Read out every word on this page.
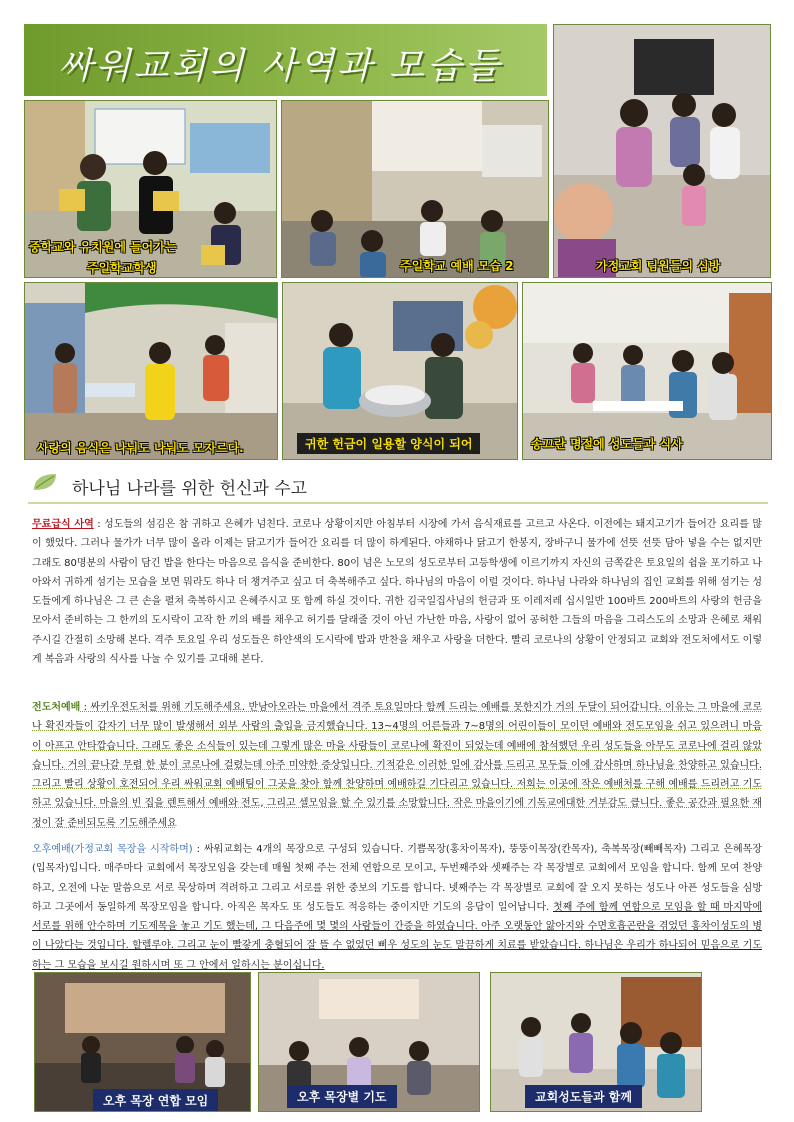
싸워교회의 사역과 모습들
중학교와 유치원에 들어가는
주일학교학생	주일학교 예배 모습 2	가정교회 팀원들의 심방
사랑의 음식은 나눠도 나눠도 모자르다.	귀한 헌금이 일용할 양식이 되어	송끄란 명절에 성도들과 식사
하나님 나라를 위한 헌신과 수고
무료급식 사역 : 성도들의 섬김은 참 귀하고 은혜가 넘친다. 코로나 상황이지만 아침부터 시장에 가서 음식재료를 고르고 사온다. 이전에는 돼지고기가 들어간 요리를 많이 했었다. 그러나 물가가 너무 많이 올라 이제는 닭고기가 들어간 요리를 더 많이 하게된다. 야채하나 닭고기 한봉지, 장바구니 물가에 선뜻 선뜻 담아 넣을 수는 없지만 그래도 80명분의 사람이 담긴 밥을 한다는 마음으로 음식을 준비한다. 80이 넘은 노모의 성도로부터 고등학생에 이르기까지 자신의 금쪽같은 토요일의 쉼을 포기하고 나아와서 귀하게 섬기는 모습을 보면 뭐라도 하나 더 챙겨주고 싶고 더 축복해주고 싶다. 하나님의 마음이 이럴 것이다. 하나님 나라와 하나님의 집인 교회를 위해 섬기는 성도들에게 하나님은 그 큰 손을 펼쳐 축복하시고 은혜주시고 또 함께 하실 것이다. 귀한 김국일집사님의 헌금과 또 이레저레 십시일반 100바트 200바트의 사랑의 헌금을 모아서 준비하는 그 한끼의 도시락이 고작 한 끼의 배를 채우고 허기를 달래줄 것이 아닌 가난한 마음, 사랑이 없어 공허한 그들의 마음을 그리스도의 소망과 은혜로 채워주시길 간절히 소망해 본다. 격주 토요일 우리 성도들은 하얀색의 도시락에 밥과 반찬을 채우고 사랑을 더한다. 빨리 코로나의 상황이 안정되고 교회와 전도처에서도 이렇게 복음과 사랑의 식사를 나눌 수 있기를 고대해 본다.
전도처예배 : 싸키우전도처를 위해 기도해주세요. 반남아오라는 마을에서 격주 토요일마다 함께 드리는 예배를 못한지가 거의 두달이 되어갑니다. 이유는 그 마을에 코로나 확진자들이 갑자기 너무 많이 발생해서 외부 사람의 출입을 금지했습니다. 13~4명의 어른들과 7~8명의 어린이들이 모이던 예배와 전도모임을 쉬고 있으려니 마음이 아프고 안타깝습니다. 그래도 좋은 소식들이 있는데 그렇게 많은 마을 사람들이 코로나에 확진이 되었는데 예배에 참석했던 우리 성도들을 아무도 코로나에 걸리 않았습니다. 거의 끝나갈 무렵 한 분이 코로나에 걸렸는데 아주 미약한 증상입니다. 기적같은 이러한 일에 감사를 드리고 모두들 이에 감사하며 하나님을 찬양하고 있습니다. 그리고 빨리 상황이 호전되어 우리 싸워교회 예배팀이 그곳을 찾아 함께 찬양하며 예배하길 기다리고 있습니다. 저희는 이곳에 작은 예배처를 구해 예배를 드리려고 기도하고 있습니다. 마을의 빈 집을 렌트해서 예배와 전도, 그리고 셀모임을 할 수 있기를 소망합니다. 작은 마을이기에 기독교에대한 거부감도 큽니다. 좋은 공간과 필요한 재정이 잘 준비되도록 기도해주세요
오후예배(가정교회 목장을 시작하며) : 싸워교회는 4개의 목장으로 구성되 있습니다. 기쁨목장(홍차이목자), 뚱뚱이목장(칸목자), 축복목장(빼빼목자) 그리고 은혜목장(입목자)입니다. 매주마다 교회에서 목장모임을 갖는데 매월 첫째 주는 전체 연합으로 모이고, 두번째주와 셋째주는 각 목장별로 교회에서 모임을 합니다. 함께 모여 찬양하고, 오전에 나눈 말씀으로 서로 묵상하며 격려하고 그리고 서로를 위한 중보의 기도를 합니다. 넷째주는 각 목장별로 교회에 잘 오지 못하는 성도나 아픈 성도들을 심방하고 그곳에서 동일하게 목장모임을 합니다. 아직은 목자도 또 성도들도 적응하는 중이지만 기도의 응답이 일어납니다. 첫째 주에 함께 연합으로 모임을 할 때 마지막에 서로를 위해 안수하며 기도제목을 놓고 기도 했는데, 그 다음주에 몇 몇의 사람들이 간증을 하였습니다. 아주 오랫동안 앓아지와 수면호흡곤란을 겪었던 홍차이성도의 병이 나았다는 것입니다. 할렐루야. 그리고 눈이 빨갛게 충혈되어 잘 뜰 수 없었던 삐우 성도의 눈도 말끔하게 치료를 받았습니다. 하나님은 우리가 하나되어 믿음으로 기도하는 그 모습을 보시길 원하시며 또 그 안에서 일하시는 분이십니다.
오후 목장 연합 모임	오후 목장별 기도	교회성도들과 함께
